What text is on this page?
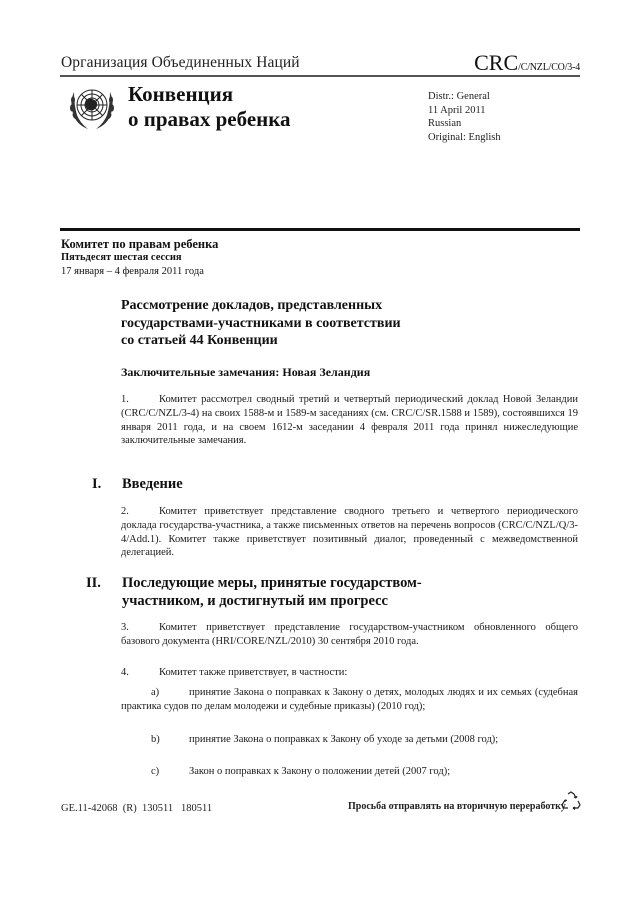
Организация Объединенных Наций	CRC/C/NZL/CO/3-4
Конвенция
о правах ребенка
Distr.: General
11 April 2011
Russian
Original: English
Комитет по правам ребенка
Пятьдесят шестая сессия
17 января – 4 февраля 2011 года
Рассмотрение докладов, представленных
государствами-участниками в соответствии
со статьей 44 Конвенции
Заключительные замечания: Новая Зеландия
1.	Комитет рассмотрел сводный третий и четвертый периодический доклад Новой Зеландии (CRC/C/NZL/3-4) на своих 1588-м и 1589-м заседаниях (см. CRC/C/SR.1588 и 1589), состоявшихся 19 января 2011 года, и на своем 1612-м заседании 4 февраля 2011 года принял нижеследующие заключительные замечания.
I. Введение
2.	Комитет приветствует представление сводного третьего и четвертого периодического доклада государства-участника, а также письменных ответов на перечень вопросов (CRC/C/NZL/Q/3-4/Add.1). Комитет также приветствует позитивный диалог, проведенный с межведомственной делегацией.
II. Последующие меры, принятые государством-участником, и достигнутый им прогресс
3.	Комитет приветствует представление государством-участником обновленного общего базового документа (HRI/CORE/NZL/2010) 30 сентября 2010 года.
4.	Комитет также приветствует, в частности:
a)	принятие Закона о поправках к Закону о детях, молодых людях и их семьях (судебная практика судов по делам молодежи и судебные приказы) (2010 год);
b)	принятие Закона о поправках к Закону об уходе за детьми (2008 год);
c)	Закон о поправках к Закону о положении детей (2007 год);
GE.11-42068  (R)  130511   180511	Просьба отправлять на вторичную переработку
